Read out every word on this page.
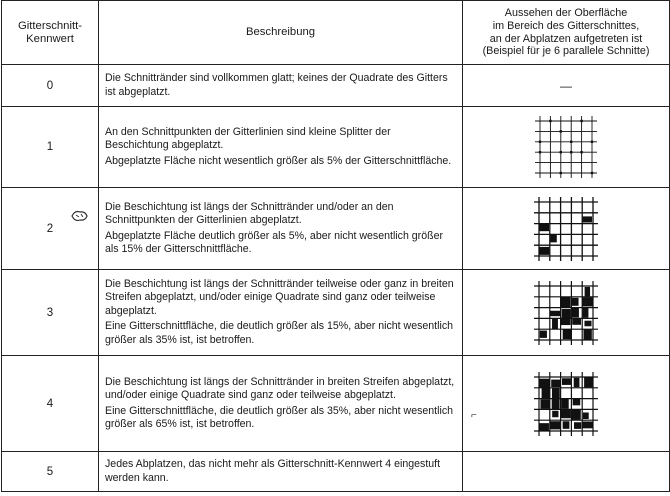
Gitterschnitt-
Kennwert	Beschreibung	Aussehen der Oberfläche
im Bereich des Gitterschnittes,
an der Abplatzen aufgetreten ist
(Beispiel für je 6 parallele Schnitte)

0	Die Schnittränder sind vollkommen glatt; keines der Quadrate des Gitters ist abgeplatzt.	—
1	An den Schnittpunkten der Gitterlinien sind kleine Splitter der Beschichtung abgeplatzt.

Abgeplatzte Fläche nicht wesentlich größer als 5% der Gitterschnittfläche.

2	Die Beschichtung ist längs der Schnittränder und/oder an den Schnittpunkten der Gitterlinien abgeplatzt.

Abgeplatzte Fläche deutlich größer als 5%, aber nicht wesentlich größer als 15% der Gitterschnittfläche.

3	Die Beschichtung ist längs der Schnittränder teilweise oder ganz in breiten Streifen abgeplatzt, und/oder einige Quadrate sind ganz oder teilweise abgeplatzt.

Eine Gitterschnittfläche, die deutlich größer als 15%, aber nicht wesentlich größer als 35% ist, ist betroffen.

4	Die Beschichtung ist längs der Schnittränder in breiten Streifen abgeplatzt, und/oder einige Quadrate sind ganz oder teilweise abgeplatzt.

Eine Gitterschnittfläche, die deutlich größer als 35%, aber nicht wesentlich größer als 65% ist, ist betroffen.	⌐

5	Jedes Abplatzen, das nicht mehr als Gitterschnitt-Kennwert 4 eingestuft werden kann.	
